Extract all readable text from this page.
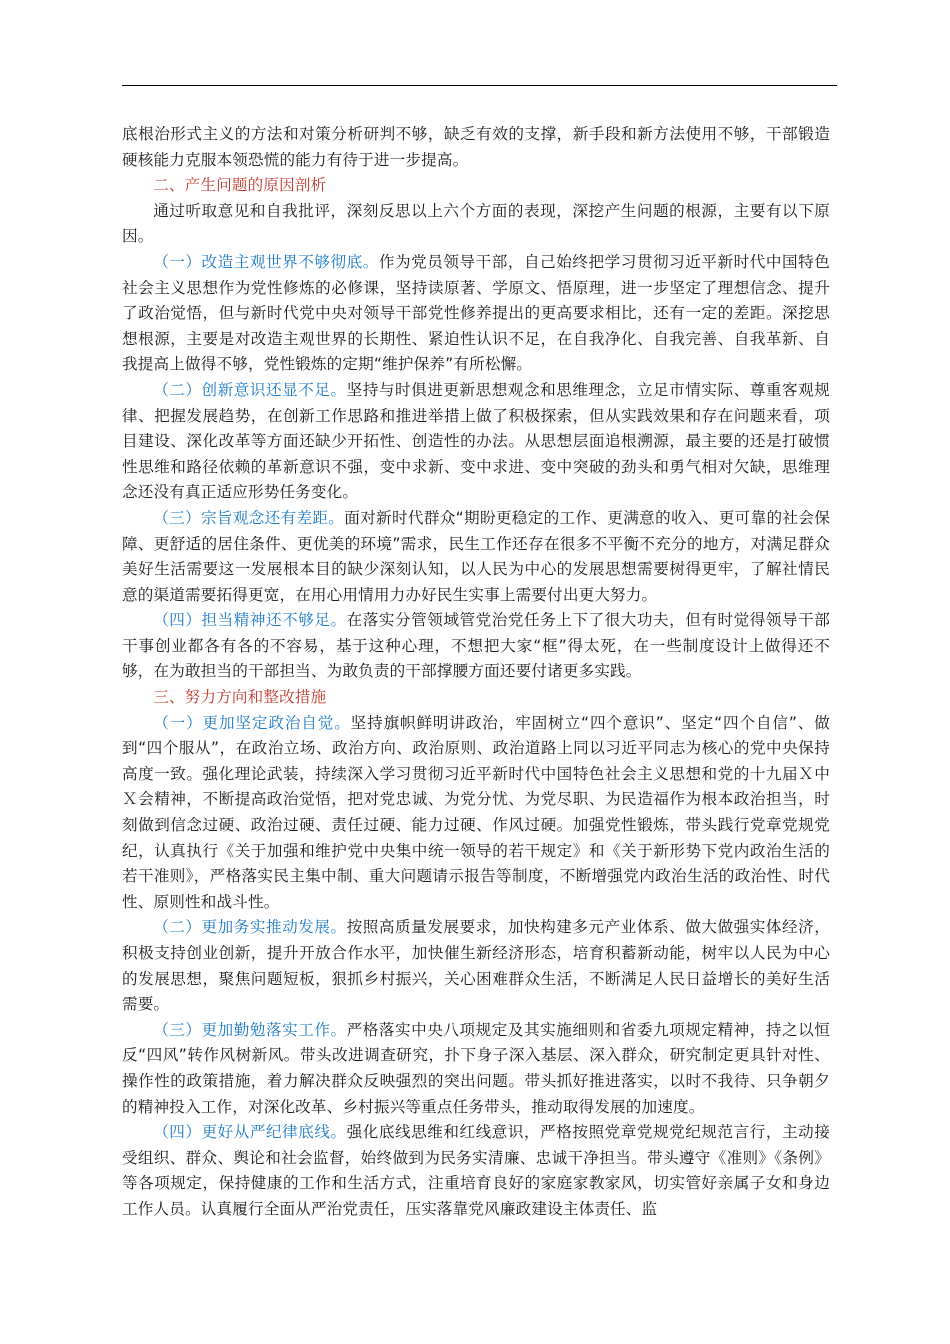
底根治形式主义的方法和对策分析研判不够，缺乏有效的支撑，新手段和新方法使用不够，干部锻造硬核能力克服本领恐慌的能力有待于进一步提高。

二、产生问题的原因剖析

通过听取意见和自我批评，深刻反思以上六个方面的表现，深挖产生问题的根源，主要有以下原因。

（一）改造主观世界不够彻底。作为党员领导干部，自己始终把学习贯彻习近平新时代中国特色社会主义思想作为党性修炼的必修课，坚持读原著、学原文、悟原理，进一步坚定了理想信念、提升了政治觉悟，但与新时代党中央对领导干部党性修养提出的更高要求相比，还有一定的差距。深挖思想根源，主要是对改造主观世界的长期性、紧迫性认识不足，在自我净化、自我完善、自我革新、自我提高上做得不够，党性锻炼的定期“维护保养”有所松懈。

（二）创新意识还显不足。坚持与时俱进更新思想观念和思维理念，立足市情实际、尊重客观规律、把握发展趋势，在创新工作思路和推进举措上做了积极探索，但从实践效果和存在问题来看，项目建设、深化改革等方面还缺少开拓性、创造性的办法。从思想层面追根溯源，最主要的还是打破惯性思维和路径依赖的革新意识不强，变中求新、变中求进、变中突破的劲头和勇气相对欠缺，思维理念还没有真正适应形势任务变化。

（三）宗旨观念还有差距。面对新时代群众“期盼更稳定的工作、更满意的收入、更可靠的社会保障、更舒适的居住条件、更优美的环境”需求，民生工作还存在很多不平衡不充分的地方，对满足群众美好生活需要这一发展根本目的缺少深刻认知，以人民为中心的发展思想需要树得更牢，了解社情民意的渠道需要拓得更宽，在用心用情用力办好民生实事上需要付出更大努力。

（四）担当精神还不够足。在落实分管领域管党治党任务上下了很大功夫，但有时觉得领导干部干事创业都各有各的不容易，基于这种心理，不想把大家“框”得太死，在一些制度设计上做得还不够，在为敢担当的干部担当、为敢负责的干部撑腰方面还要付诸更多实践。

三、努力方向和整改措施

（一）更加坚定政治自觉。坚持旗帜鲜明讲政治，牢固树立“四个意识”、坚定“四个自信”、做到“四个服从”，在政治立场、政治方向、政治原则、政治道路上同以习近平同志为核心的党中央保持高度一致。强化理论武装，持续深入学习贯彻习近平新时代中国特色社会主义思想和党的十九届Ｘ中Ｘ会精神，不断提高政治觉悟，把对党忠诚、为党分忧、为党尽职、为民造福作为根本政治担当，时刻做到信念过硬、政治过硬、责任过硬、能力过硬、作风过硬。加强党性锻炼，带头践行党章党规党纪，认真执行《关于加强和维护党中央集中统一领导的若干规定》和《关于新形势下党内政治生活的若干准则》，严格落实民主集中制、重大问题请示报告等制度，不断增强党内政治生活的政治性、时代性、原则性和战斗性。

（二）更加务实推动发展。按照高质量发展要求，加快构建多元产业体系、做大做强实体经济，积极支持创业创新，提升开放合作水平，加快催生新经济形态，培育积蓄新动能，树牢以人民为中心的发展思想，聚焦问题短板，狠抓乡村振兴，关心困难群众生活，不断满足人民日益增长的美好生活需要。

（三）更加勤勉落实工作。严格落实中央八项规定及其实施细则和省委九项规定精神，持之以恒反“四风”转作风树新风。带头改进调查研究，扑下身子深入基层、深入群众，研究制定更具针对性、操作性的政策措施，着力解决群众反映强烈的突出问题。带头抓好推进落实，以时不我待、只争朝夕的精神投入工作，对深化改革、乡村振兴等重点任务带头，推动取得发展的加速度。

（四）更好从严纪律底线。强化底线思维和红线意识，严格按照党章党规党纪规范言行，主动接受组织、群众、舆论和社会监督，始终做到为民务实清廉、忠诚干净担当。带头遵守《准则》《条例》等各项规定，保持健康的工作和生活方式，注重培育良好的家庭家教家风，切实管好亲属子女和身边工作人员。认真履行全面从严治党责任，压实落靠党风廉政建设主体责任、监
